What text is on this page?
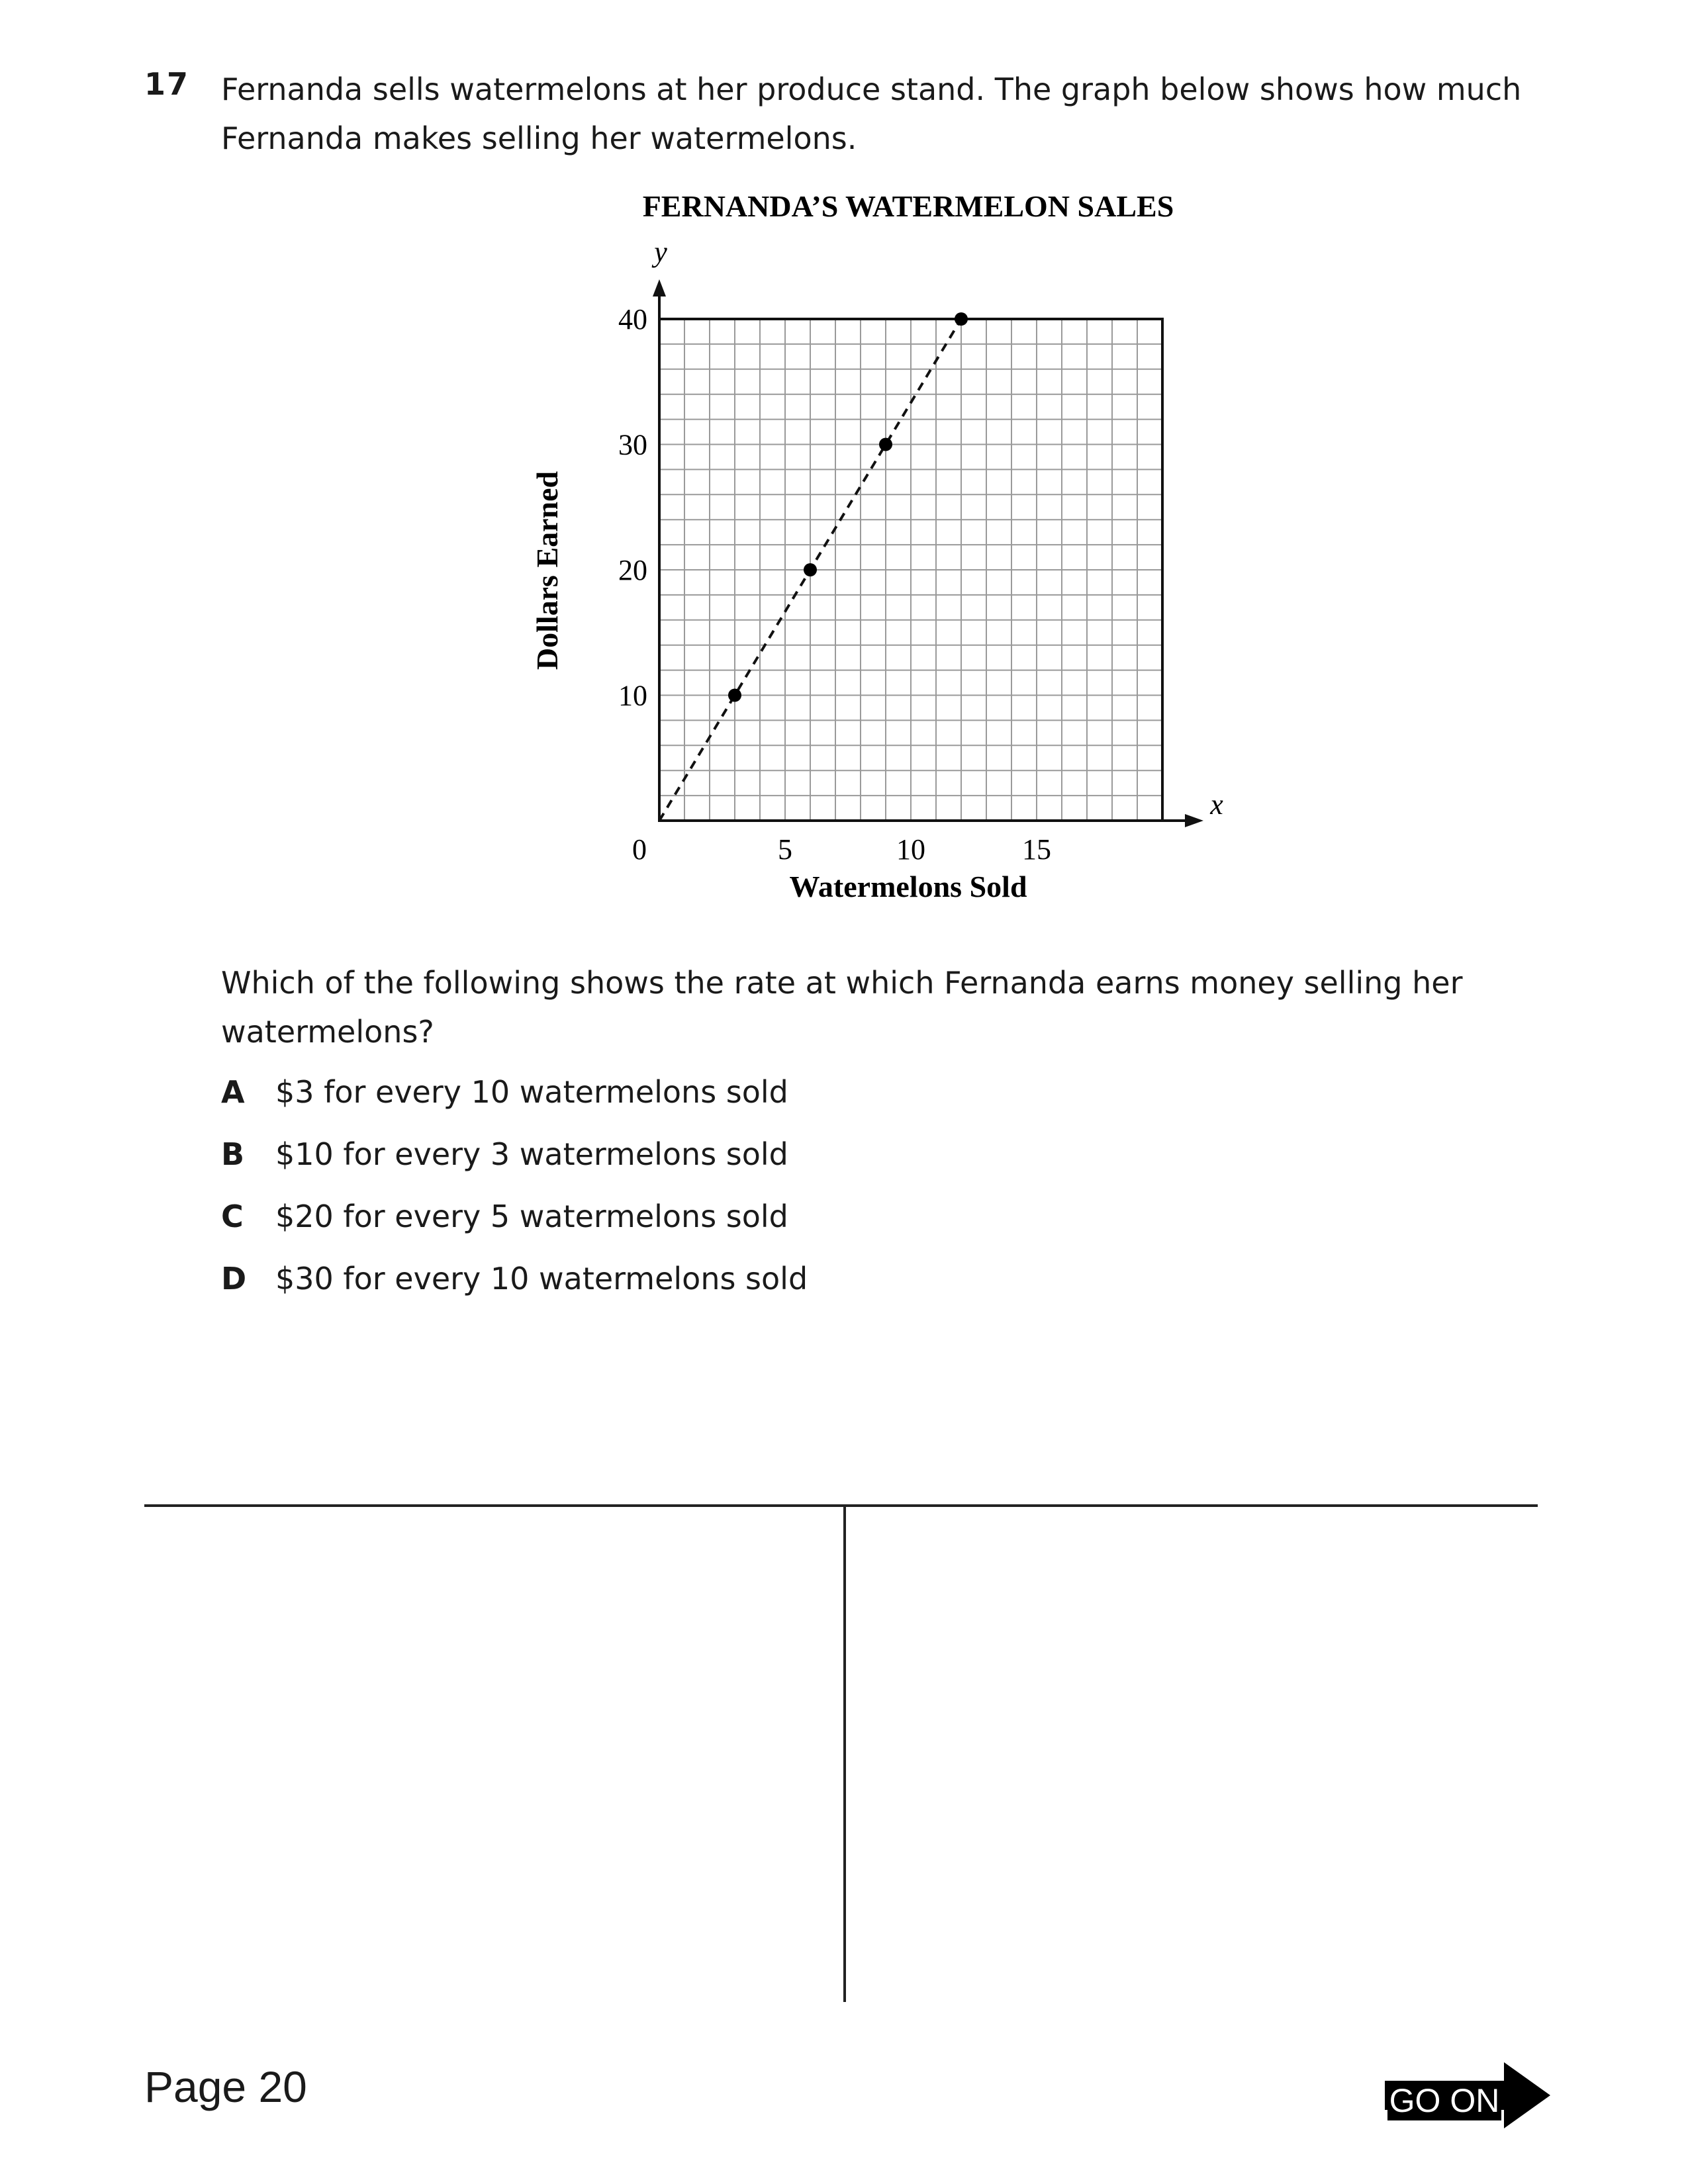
17 Fernanda sells watermelons at her produce stand. The graph below shows how much Fernanda makes selling her watermelons.
FERNANDA’S WATERMELON SALES
y
x
Watermelons Sold
Dollars Earned
0	5	10	15
10
20
30
40
Which of the following shows the rate at which Fernanda earns money selling her watermelons?
A $3 for every 10 watermelons sold
B $10 for every 3 watermelons sold
C $20 for every 5 watermelons sold
D $30 for every 10 watermelons sold
Page 20	GO ON
